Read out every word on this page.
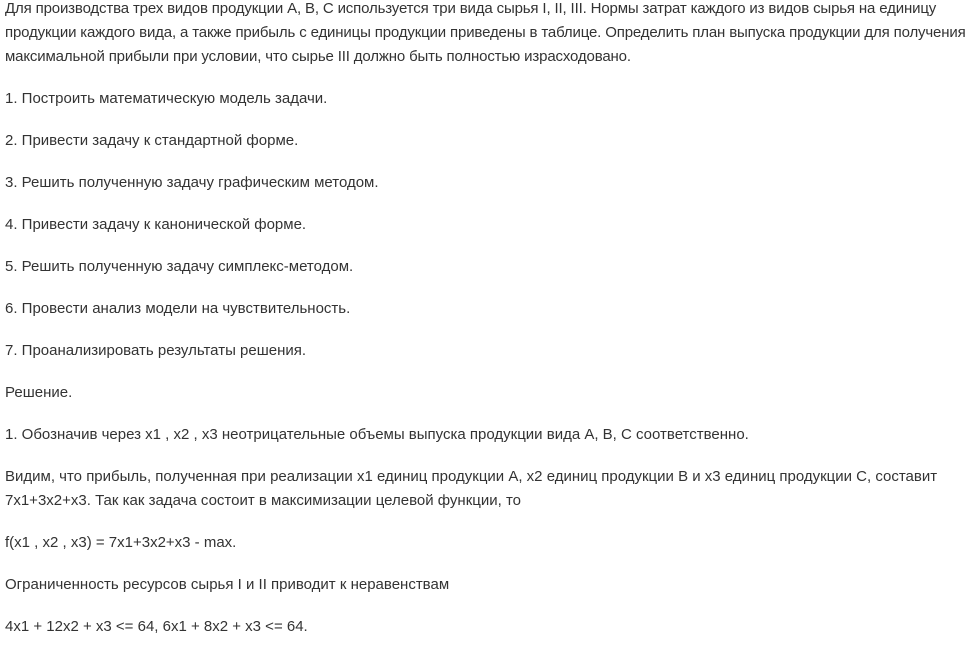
Для производства трех видов продукции A, B, C используется три вида сырья I, II, III. Нормы затрат каждого из видов сырья на единицу продукции каждого вида, а также прибыль с единицы продукции приведены в таблице. Определить план выпуска продукции для получения максимальной прибыли при условии, что сырье III должно быть полностью израсходовано.

1. Построить математическую модель задачи.

2. Привести задачу к стандартной форме.

3. Решить полученную задачу графическим методом.

4. Привести задачу к канонической форме.

5. Решить полученную задачу симплекс-методом.

6. Провести анализ модели на чувствительность.

7. Проанализировать результаты решения.

Решение.

1. Обозначив через x1 , x2 , x3 неотрицательные объемы выпуска продукции вида A, B, C соответственно.

Видим, что прибыль, полученная при реализации x1 единиц продукции A, x2 единиц продукции B и x3 единиц продукции C, составит 7x1+3x2+x3. Так как задача состоит в максимизации целевой функции, то

f(x1 , x2 , x3) = 7x1+3x2+x3 - max.

Ограниченность ресурсов сырья I и II приводит к неравенствам

4x1 + 12x2 + x3 <= 64, 6x1 + 8x2 + x3 <= 64.
